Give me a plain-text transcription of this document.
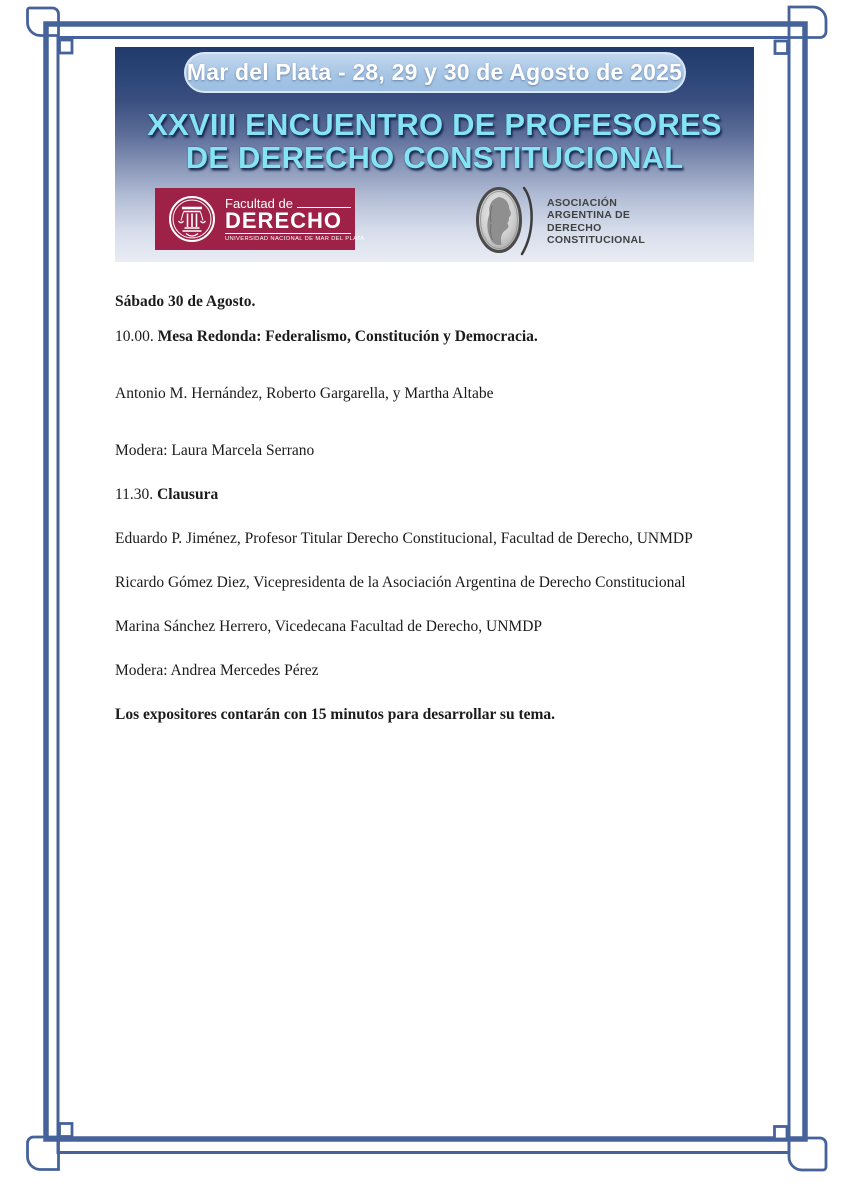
Mar del Plata - 28, 29 y 30 de Agosto de 2025
XXVIII ENCUENTRO DE PROFESORES
DE DERECHO CONSTITUCIONAL
Facultad de
DERECHO
UNIVERSIDAD NACIONAL DE MAR DEL PLATA
ASOCIACIÓN
ARGENTINA DE
DERECHO
CONSTITUCIONAL

Sábado 30 de Agosto.

10.00. Mesa Redonda: Federalismo, Constitución y Democracia.

Antonio M. Hernández, Roberto Gargarella, y Martha Altabe

Modera: Laura Marcela Serrano

11.30. Clausura

Eduardo P. Jiménez, Profesor Titular Derecho Constitucional, Facultad de Derecho, UNMDP

Ricardo Gómez Diez, Vicepresidenta de la Asociación Argentina de Derecho Constitucional

Marina Sánchez Herrero, Vicedecana Facultad de Derecho, UNMDP

Modera: Andrea Mercedes Pérez

Los expositores contarán con 15 minutos para desarrollar su tema.
